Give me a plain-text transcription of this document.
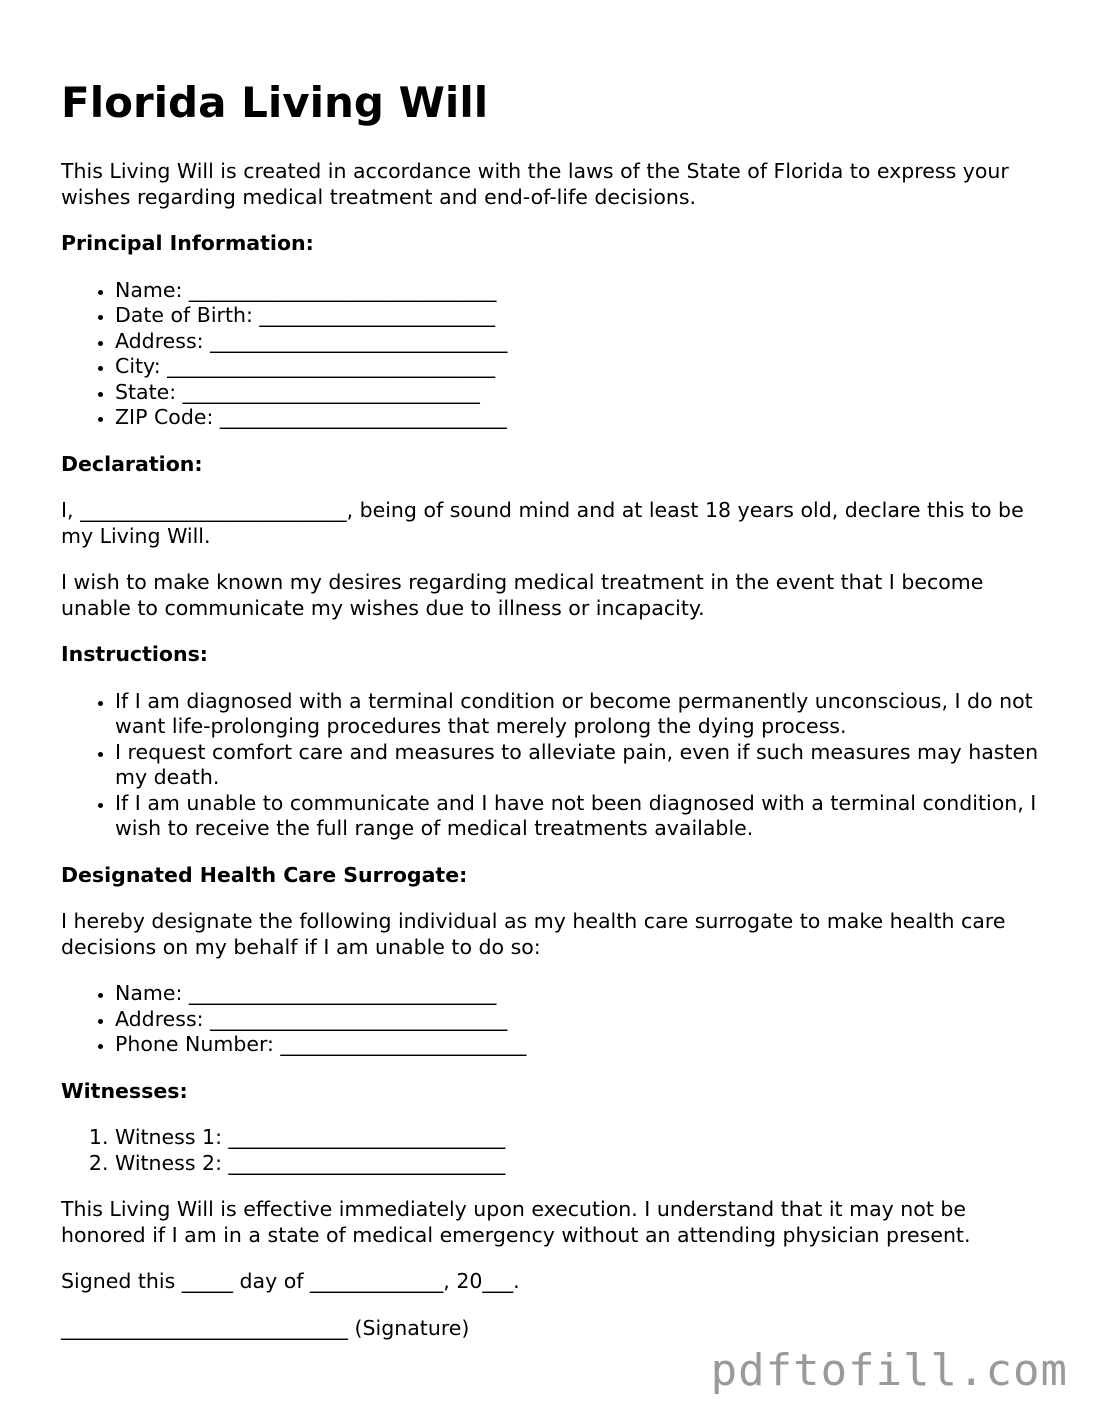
Florida Living Will

This Living Will is created in accordance with the laws of the State of Florida to express your wishes regarding medical treatment and end-of-life decisions.

Principal Information:
• Name: ______________________________
• Date of Birth: _______________________
• Address: _____________________________
• City: ________________________________
• State: _____________________________
• ZIP Code: ____________________________
Declaration:

I, __________________________, being of sound mind and at least 18 years old, declare this to be my Living Will.

I wish to make known my desires regarding medical treatment in the event that I become unable to communicate my wishes due to illness or incapacity.

Instructions:
• If I am diagnosed with a terminal condition or become permanently unconscious, I do not want life-prolonging procedures that merely prolong the dying process.
• I request comfort care and measures to alleviate pain, even if such measures may hasten my death.
• If I am unable to communicate and I have not been diagnosed with a terminal condition, I wish to receive the full range of medical treatments available.
Designated Health Care Surrogate:

I hereby designate the following individual as my health care surrogate to make health care decisions on my behalf if I am unable to do so:

• Name: ______________________________
• Address: _____________________________
• Phone Number: ________________________
Witnesses:
1. Witness 1: ___________________________
2. Witness 2: ___________________________

This Living Will is effective immediately upon execution. I understand that it may not be honored if I am in a state of medical emergency without an attending physician present.

Signed this _____ day of _____________, 20___.

____________________________ (Signature)

pdftofill.com
